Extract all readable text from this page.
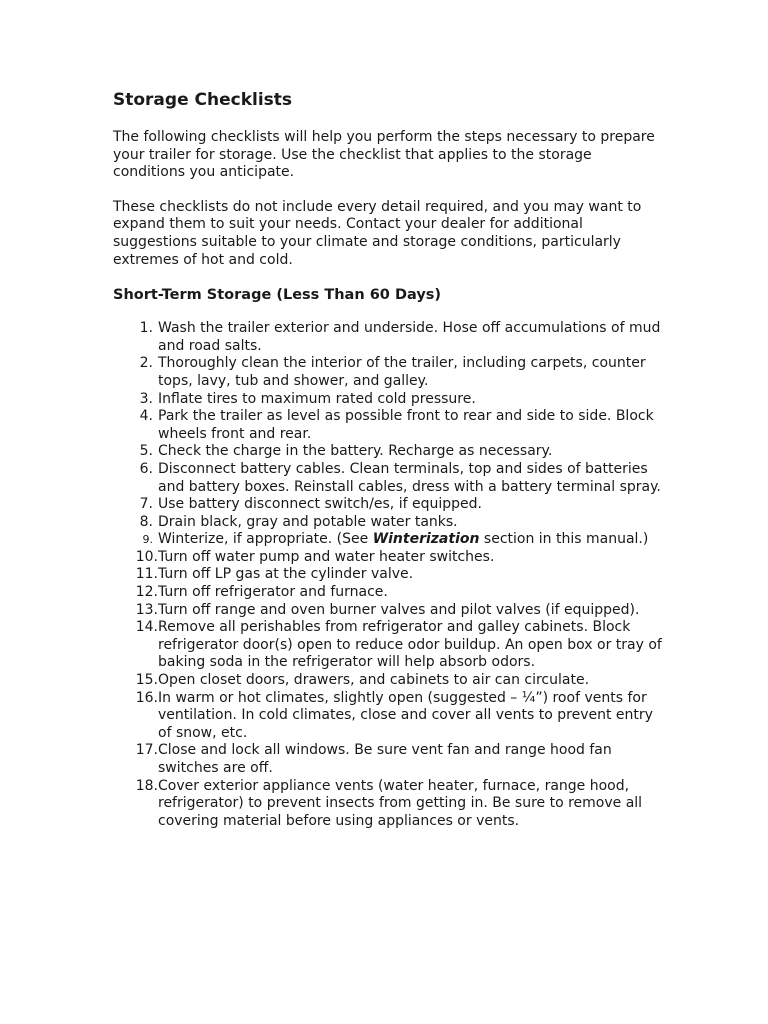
Storage Checklists

The following checklists will help you perform the steps necessary to prepare your trailer for storage. Use the checklist that applies to the storage conditions you anticipate.

These checklists do not include every detail required, and you may want to expand them to suit your needs. Contact your dealer for additional suggestions suitable to your climate and storage conditions, particularly extremes of hot and cold.

Short-Term Storage (Less Than 60 Days)
1. Wash the trailer exterior and underside. Hose off accumulations of mud and road salts.
2. Thoroughly clean the interior of the trailer, including carpets, counter tops, lavy, tub and shower, and galley.
3. Inflate tires to maximum rated cold pressure.
4. Park the trailer as level as possible front to rear and side to side. Block wheels front and rear.
5. Check the charge in the battery. Recharge as necessary.
6. Disconnect battery cables. Clean terminals, top and sides of batteries and battery boxes. Reinstall cables, dress with a battery terminal spray.
7. Use battery disconnect switch/es, if equipped.
8. Drain black, gray and potable water tanks.
9. Winterize, if appropriate. (See Winterization section in this manual.)
10. Turn off water pump and water heater switches.
11. Turn off LP gas at the cylinder valve.
12. Turn off refrigerator and furnace.
13. Turn off range and oven burner valves and pilot valves (if equipped).
14. Remove all perishables from refrigerator and galley cabinets. Block refrigerator door(s) open to reduce odor buildup. An open box or tray of baking soda in the refrigerator will help absorb odors.
15. Open closet doors, drawers, and cabinets to air can circulate.
16. In warm or hot climates, slightly open (suggested – ¼”) roof vents for ventilation. In cold climates, close and cover all vents to prevent entry of snow, etc.
17. Close and lock all windows. Be sure vent fan and range hood fan switches are off.
18. Cover exterior appliance vents (water heater, furnace, range hood, refrigerator) to prevent insects from getting in. Be sure to remove all covering material before using appliances or vents.
